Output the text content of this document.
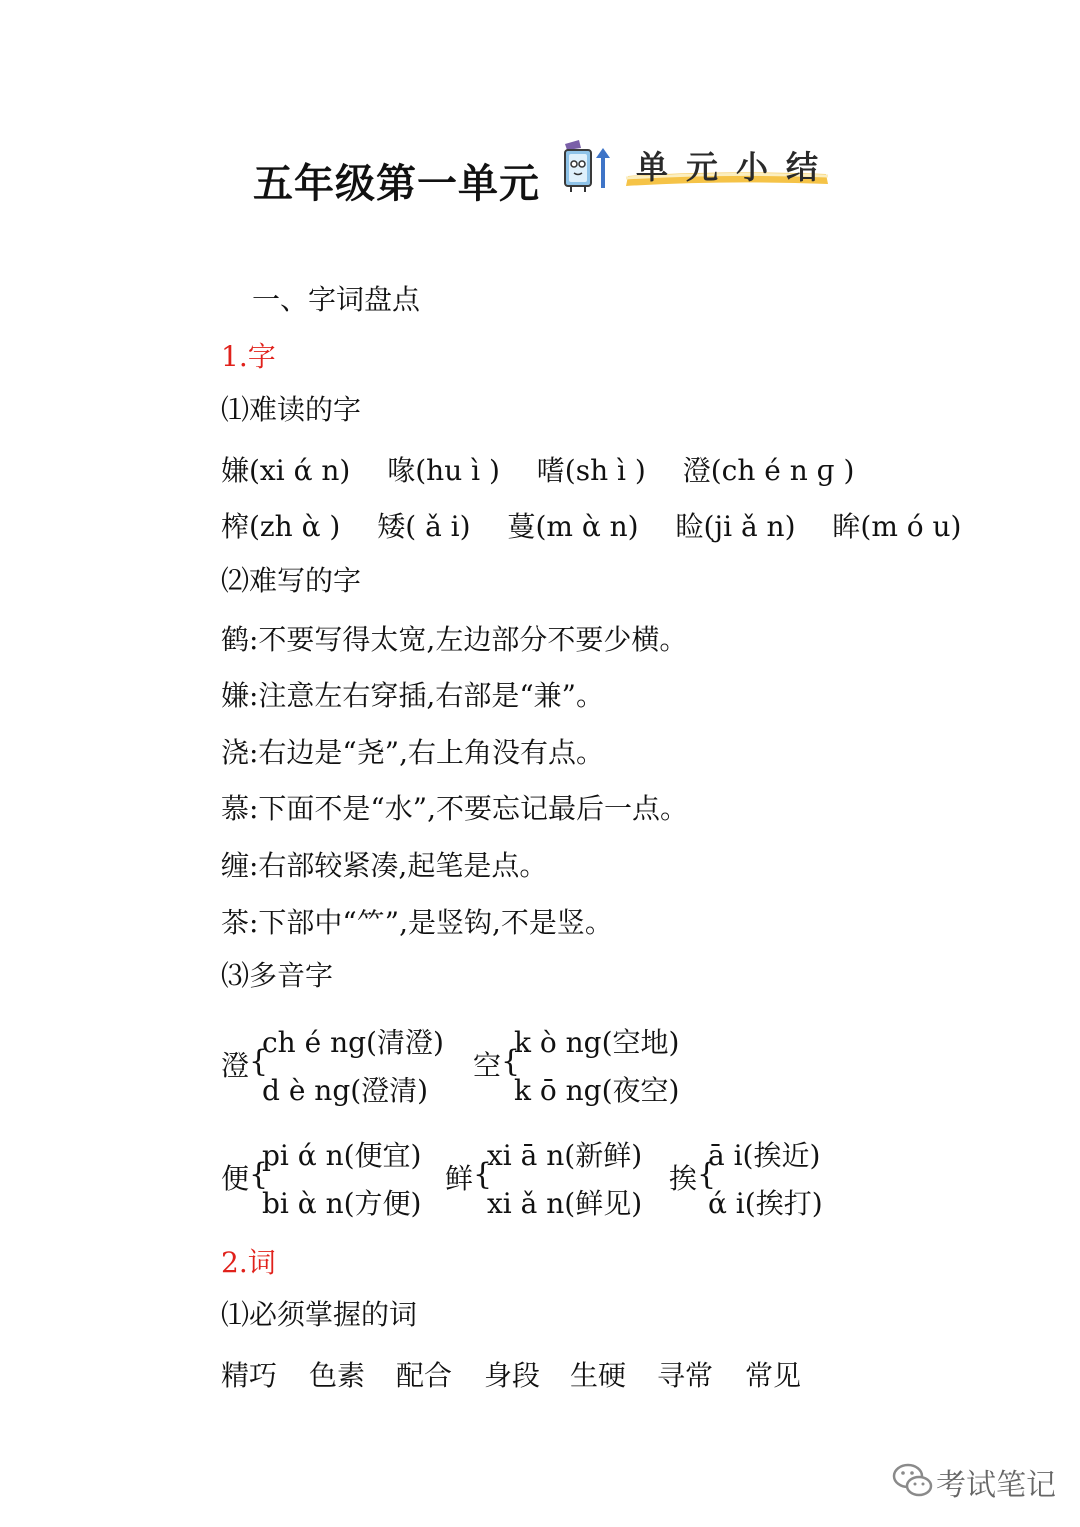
五年级第一单元	单元小结
一、字词盘点
1.字
⑴难读的字
嫌(xi ά n)　 喙(hu ì )　 嗜(sh ì )　 澄(ch é n ɡ )
榨(zh ὰ )　 矮( ǎ i)　 蔓(m ὰ n)　 睑(ji ǎ n)　 眸(m ό u)
⑵难写的字
鹤:不要写得太宽,左边部分不要少横。
嫌:注意左右穿插,右部是“兼”。
浇:右边是“尧”,右上角没有点。
慕:下面不是“水”,不要忘记最后一点。
缠:右部较紧凑,起笔是点。
茶:下部中“⺮”,是竖钩,不是竖。
⑶多音字
澄 {
ch é ng(清澄)
d è ng(澄清)
空 {
k ὸ ng(空地)
k ō ng(夜空)
便 {
pi ά n(便宜)
bi ὰ n(方便)
鲜 {
xi ā n(新鲜)
xi ǎ n(鲜见)
挨 {
ā i(挨近)
ά i(挨打)
2.词
⑴必须掌握的词
精巧 色素 配合 身段 生硬 寻常 常见
考试笔记
